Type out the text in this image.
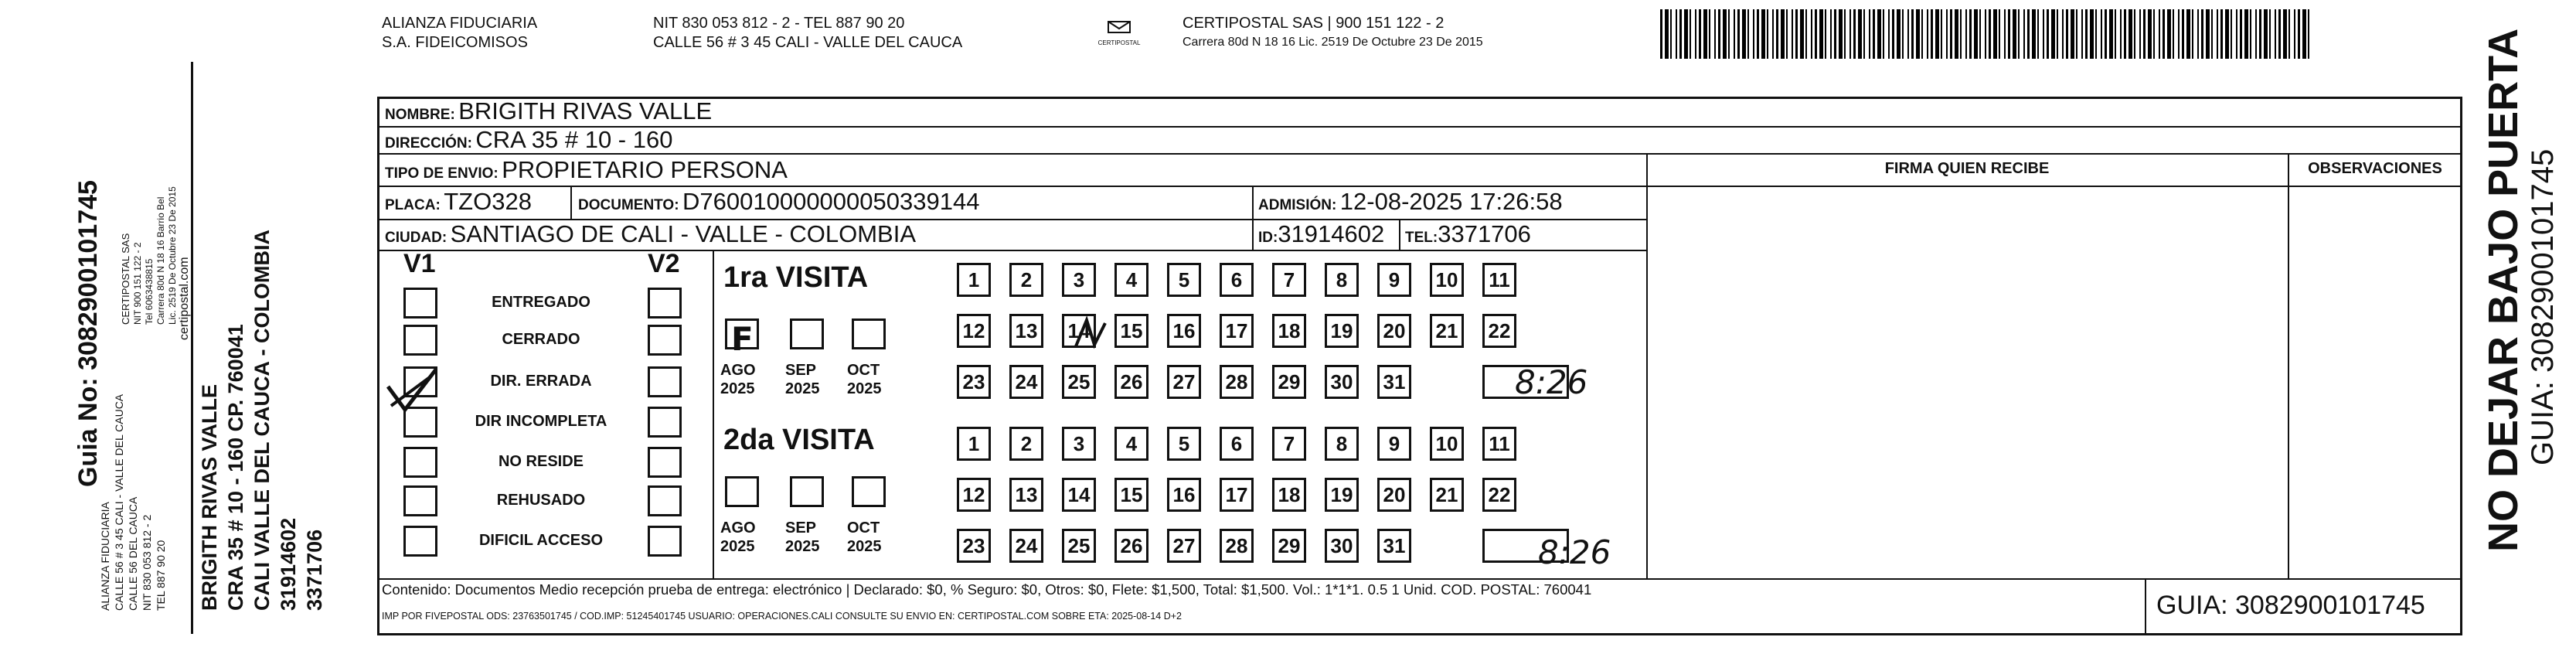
Guia No: 3082900101745
ALIANZA FIDUCIARIA CALLE 56 # 3 45 CALI - VALLE DEL CAUCA CALLE 56 DEL CAUCA NIT 830 053 812 - 2 TEL 887 90 20
CERTIPOSTAL SAS NIT 900 151 122 - 2 Tel 6063438815 Carrera 80d N 18 16 Barrio Bel Lic. 2519 De Octubre 23 De 2015 certipostal.com
BRIGITH RIVAS VALLE CRA 35 # 10 - 160 CP. 760041 CALI VALLE DEL CAUCA - COLOMBIA 31914602 3371706
ALIANZA FIDUCIARIA
S.A. FIDEICOMISOS
NIT 830 053 812 - 2 - TEL 887 90 20
CALLE 56 # 3 45 CALI - VALLE DEL CAUCA	CERTIPOSTAL
CERTIPOSTAL SAS | 900 151 122 - 2
Carrera 80d N 18 16 Lic. 2519 De Octubre 23 De 2015
NOMBRE: BRIGITH RIVAS VALLE
DIRECCIÓN: CRA 35 # 10 - 160
TIPO DE ENVIO: PROPIETARIO PERSONA
PLACA: TZO328	DOCUMENTO: D760010000000050339144	ADMISIÓN: 12-08-2025 17:26:58
CIUDAD: SANTIAGO DE CALI - VALLE - COLOMBIA	ID:31914602 TEL:3371706
FIRMA QUIEN RECIBE	OBSERVACIONES
V1	V2
ENTREGADO
CERRADO
DIR. ERRADA
DIR INCOMPLETA
NO RESIDE
REHUSADO
DIFICIL ACCESO
1ra VISITA
AGO
2025
SEP
2025
OCT
2025
1	2	3	4	5	6	7	8	9	10	11
12 13 14 15 16 17 18 19 20 21 22
23 24 25 26 27 28 29 30 31
F
8:26
2da VISITA
AGO
2025
SEP
2025
OCT
2025
1	2	3	4	5	6	7	8	9	10	11
12 13 14 15 16 17 18 19 20 21 22
23 24 25 26 27 28 29 30 31	8:26
Contenido: Documentos Medio recepción prueba de entrega: electrónico | Declarado: $0, % Seguro: $0, Otros: $0, Flete: $1,500, Total: $1,500. Vol.: 1*1*1. 0.5 1 Unid. COD. POSTAL: 760041
IMP POR FIVEPOSTAL ODS: 23763501745 / COD.IMP: 51245401745 USUARIO: OPERACIONES.CALI CONSULTE SU ENVIO EN: CERTIPOSTAL.COM SOBRE ETA: 2025-08-14 D+2	GUIA: 3082900101745
NO DEJAR BAJO PUERTA GUIA: 3082900101745
